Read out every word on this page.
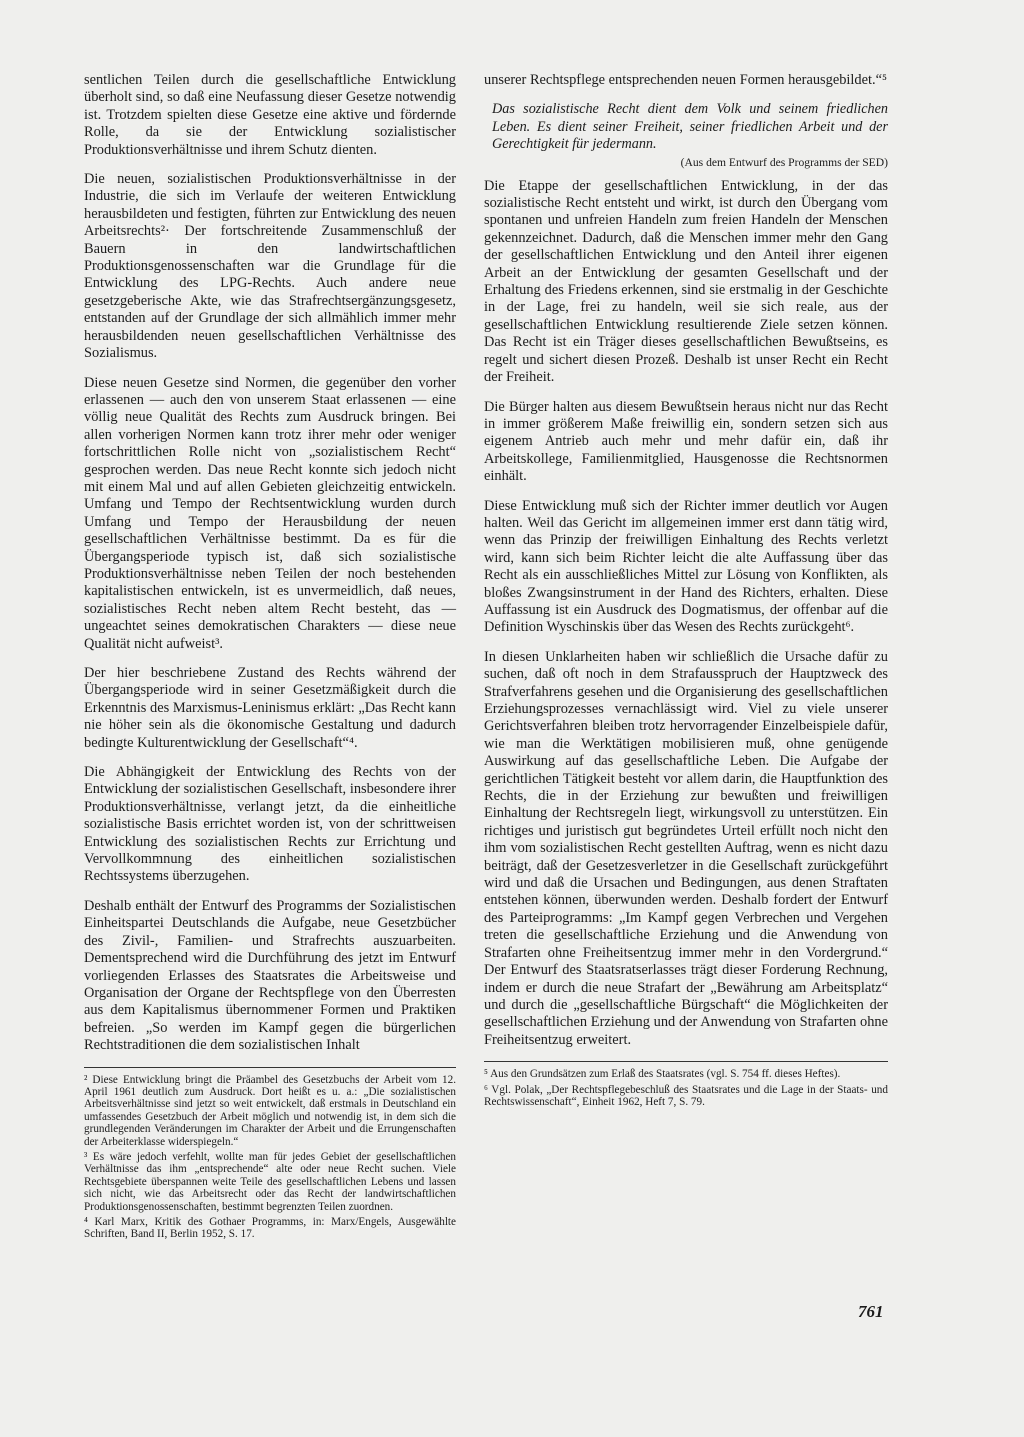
sentlichen Teilen durch die gesellschaftliche Entwicklung überholt sind, so daß eine Neufassung dieser Gesetze notwendig ist. Trotzdem spielten diese Gesetze eine aktive und fördernde Rolle, da sie der Entwicklung sozialistischer Produktionsverhältnisse und ihrem Schutz dienten.

Die neuen, sozialistischen Produktionsverhältnisse in der Industrie, die sich im Verlaufe der weiteren Entwicklung herausbildeten und festigten, führten zur Entwicklung des neuen Arbeitsrechts²· Der fortschreitende Zusammenschluß der Bauern in den landwirtschaftlichen Produktionsgenossenschaften war die Grundlage für die Entwicklung des LPG-Rechts. Auch andere neue gesetzgeberische Akte, wie das Strafrechtsergänzungsgesetz, entstanden auf der Grundlage der sich allmählich immer mehr herausbildenden neuen gesellschaftlichen Verhältnisse des Sozialismus.

Diese neuen Gesetze sind Normen, die gegenüber den vorher erlassenen — auch den von unserem Staat erlassenen — eine völlig neue Qualität des Rechts zum Ausdruck bringen. Bei allen vorherigen Normen kann trotz ihrer mehr oder weniger fortschrittlichen Rolle nicht von „sozialistischem Recht“ gesprochen werden. Das neue Recht konnte sich jedoch nicht mit einem Mal und auf allen Gebieten gleichzeitig entwickeln. Umfang und Tempo der Rechtsentwicklung wurden durch Umfang und Tempo der Herausbildung der neuen gesellschaftlichen Verhältnisse bestimmt. Da es für die Übergangsperiode typisch ist, daß sich sozialistische Produktionsverhältnisse neben Teilen der noch bestehenden kapitalistischen entwickeln, ist es unvermeidlich, daß neues, sozialistisches Recht neben altem Recht besteht, das — ungeachtet seines demokratischen Charakters — diese neue Qualität nicht aufweist³.

Der hier beschriebene Zustand des Rechts während der Übergangsperiode wird in seiner Gesetzmäßigkeit durch die Erkenntnis des Marxismus-Leninismus erklärt: „Das Recht kann nie höher sein als die ökonomische Gestaltung und dadurch bedingte Kulturentwicklung der Gesellschaft“⁴.

Die Abhängigkeit der Entwicklung des Rechts von der Entwicklung der sozialistischen Gesellschaft, insbesondere ihrer Produktionsverhältnisse, verlangt jetzt, da die einheitliche sozialistische Basis errichtet worden ist, von der schrittweisen Entwicklung des sozialistischen Rechts zur Errichtung und Vervollkommnung des einheitlichen sozialistischen Rechtssystems überzugehen.

Deshalb enthält der Entwurf des Programms der Sozialistischen Einheitspartei Deutschlands die Aufgabe, neue Gesetzbücher des Zivil-, Familien- und Strafrechts auszuarbeiten. Dementsprechend wird die Durchführung des jetzt im Entwurf vorliegenden Erlasses des Staatsrates die Arbeitsweise und Organisation der Organe der Rechtspflege von den Überresten aus dem Kapitalismus übernommener Formen und Praktiken befreien. „So werden im Kampf gegen die bürgerlichen Rechtstraditionen die dem sozialistischen Inhalt

² Diese Entwicklung bringt die Präambel des Gesetzbuchs der Arbeit vom 12. April 1961 deutlich zum Ausdruck. Dort heißt es u. a.: „Die sozialistischen Arbeitsverhältnisse sind jetzt so weit entwickelt, daß erstmals in Deutschland ein umfassendes Gesetzbuch der Arbeit möglich und notwendig ist, in dem sich die grundlegenden Veränderungen im Charakter der Arbeit und die Errungenschaften der Arbeiterklasse widerspiegeln.“
³ Es wäre jedoch verfehlt, wollte man für jedes Gebiet der gesellschaftlichen Verhältnisse das ihm „entsprechende“ alte oder neue Recht suchen. Viele Rechtsgebiete überspannen weite Teile des gesellschaftlichen Lebens und lassen sich nicht, wie das Arbeitsrecht oder das Recht der landwirtschaftlichen Produktionsgenossenschaften, bestimmt begrenzten Teilen zuordnen.
⁴ Karl Marx, Kritik des Gothaer Programms, in: Marx/Engels, Ausgewählte Schriften, Band II, Berlin 1952, S. 17.

unserer Rechtspflege entsprechenden neuen Formen herausgebildet.“⁵

Das sozialistische Recht dient dem Volk und seinem friedlichen Leben. Es dient seiner Freiheit, seiner friedlichen Arbeit und der Gerechtigkeit für jedermann.
(Aus dem Entwurf des Programms der SED)

Die Etappe der gesellschaftlichen Entwicklung, in der das sozialistische Recht entsteht und wirkt, ist durch den Übergang vom spontanen und unfreien Handeln zum freien Handeln der Menschen gekennzeichnet. Dadurch, daß die Menschen immer mehr den Gang der gesellschaftlichen Entwicklung und den Anteil ihrer eigenen Arbeit an der Entwicklung der gesamten Gesellschaft und der Erhaltung des Friedens erkennen, sind sie erstmalig in der Geschichte in der Lage, frei zu handeln, weil sie sich reale, aus der gesellschaftlichen Entwicklung resultierende Ziele setzen können. Das Recht ist ein Träger dieses gesellschaftlichen Bewußtseins, es regelt und sichert diesen Prozeß. Deshalb ist unser Recht ein Recht der Freiheit.

Die Bürger halten aus diesem Bewußtsein heraus nicht nur das Recht in immer größerem Maße freiwillig ein, sondern setzen sich aus eigenem Antrieb auch mehr und mehr dafür ein, daß ihr Arbeitskollege, Familienmitglied, Hausgenosse die Rechtsnormen einhält.

Diese Entwicklung muß sich der Richter immer deutlich vor Augen halten. Weil das Gericht im allgemeinen immer erst dann tätig wird, wenn das Prinzip der freiwilligen Einhaltung des Rechts verletzt wird, kann sich beim Richter leicht die alte Auffassung über das Recht als ein ausschließliches Mittel zur Lösung von Konflikten, als bloßes Zwangsinstrument in der Hand des Richters, erhalten. Diese Auffassung ist ein Ausdruck des Dogmatismus, der offenbar auf die Definition Wyschinskis über das Wesen des Rechts zurückgeht⁶.

In diesen Unklarheiten haben wir schließlich die Ursache dafür zu suchen, daß oft noch in dem Strafausspruch der Hauptzweck des Strafverfahrens gesehen und die Organisierung des gesellschaftlichen Erziehungsprozesses vernachlässigt wird. Viel zu viele unserer Gerichtsverfahren bleiben trotz hervorragender Einzelbeispiele dafür, wie man die Werktätigen mobilisieren muß, ohne genügende Auswirkung auf das gesellschaftliche Leben. Die Aufgabe der gerichtlichen Tätigkeit besteht vor allem darin, die Hauptfunktion des Rechts, die in der Erziehung zur bewußten und freiwilligen Einhaltung der Rechtsregeln liegt, wirkungsvoll zu unterstützen. Ein richtiges und juristisch gut begründetes Urteil erfüllt noch nicht den ihm vom sozialistischen Recht gestellten Auftrag, wenn es nicht dazu beiträgt, daß der Gesetzesverletzer in die Gesellschaft zurückgeführt wird und daß die Ursachen und Bedingungen, aus denen Straftaten entstehen können, überwunden werden. Deshalb fordert der Entwurf des Parteiprogramms: „Im Kampf gegen Verbrechen und Vergehen treten die gesellschaftliche Erziehung und die Anwendung von Strafarten ohne Freiheitsentzug immer mehr in den Vordergrund.“ Der Entwurf des Staatsratserlasses trägt dieser Forderung Rechnung, indem er durch die neue Strafart der „Bewährung am Arbeitsplatz“ und durch die „gesellschaftliche Bürgschaft“ die Möglichkeiten der gesellschaftlichen Erziehung und der Anwendung von Strafarten ohne Freiheitsentzug erweitert.

⁵ Aus den Grundsätzen zum Erlaß des Staatsrates (vgl. S. 754 ff. dieses Heftes).
⁶ Vgl. Polak, „Der Rechtspflegebeschluß des Staatsrates und die Lage in der Staats- und Rechtswissenschaft“, Einheit 1962, Heft 7, S. 79.
761
